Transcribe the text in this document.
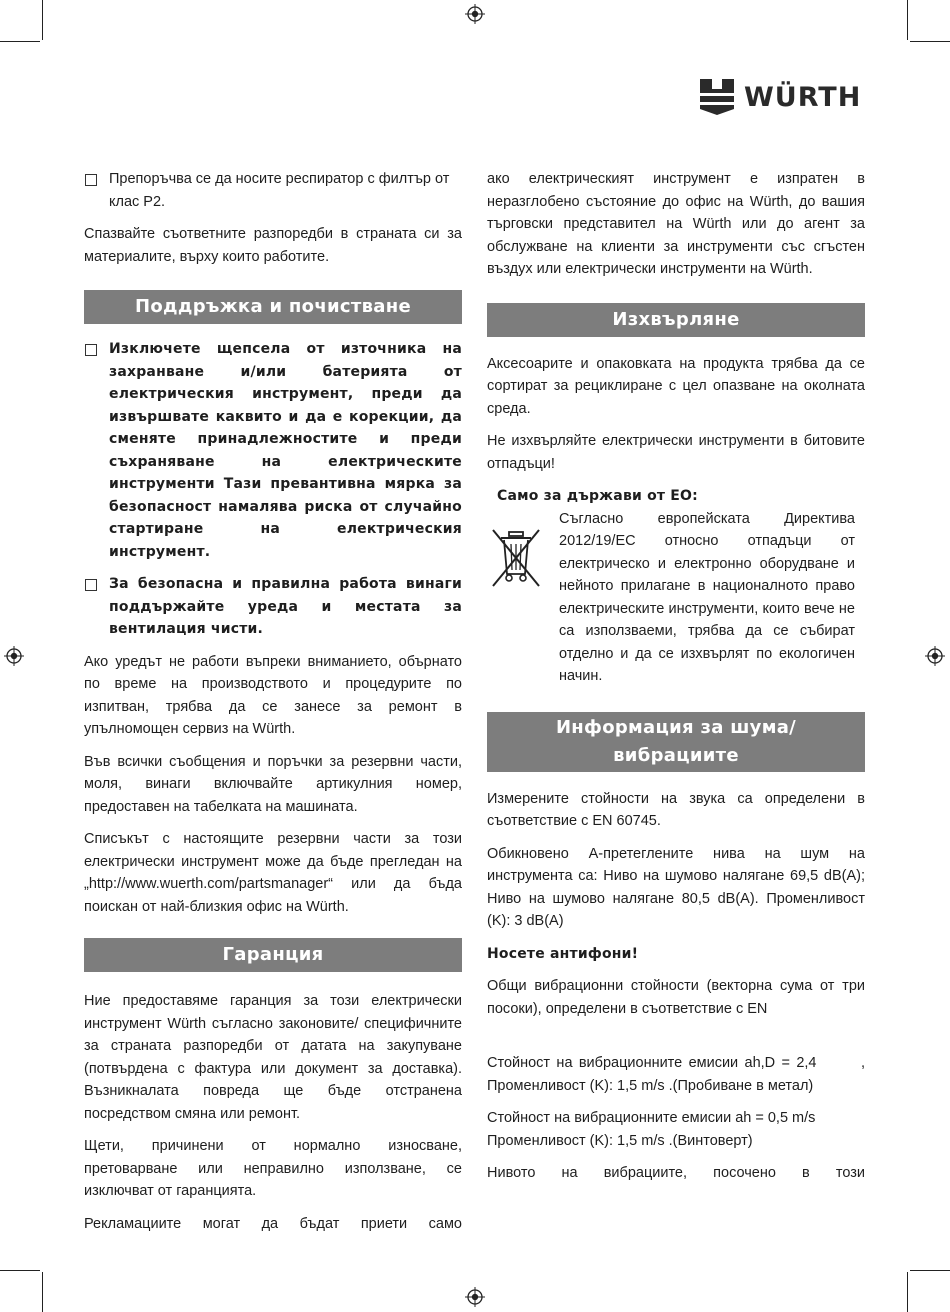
WÜRTH

Препоръчва се да носите респиратор с филтър от клас P2.

Спазвайте съответните разпоредби в страната си за материалите, върху които работите.

Поддръжка и почистване

Изключете щепсела от източника на захранване и/или батерията от електрическия инструмент, преди да извършвате каквито и да е корекции, да сменяте принадлежностите и преди съхраняване на електрическите инструменти Тази превантивна мярка за безопасност намалява риска от случайно стартиране на електрическия инструмент.

За безопасна и правилна работа винаги поддържайте уреда и местата за вентилация чисти.

Ако уредът не работи въпреки вниманието, обърнато по време на производството и процедурите по изпитван, трябва да се занесе за ремонт в упълномощен сервиз на Würth.

Във всички съобщения и поръчки за резервни части, моля, винаги включвайте артикулния номер, предоставен на табелката на машината.

Списъкът с настоящите резервни части за този електрически инструмент може да бъде прегледан на „http://www.wuerth.com/partsmanager“ или да бъда поискан от най-близкия офис на Würth.

Гаранция

Ние предоставяме гаранция за този електрически инструмент Würth съгласно законовите/ специфичните за страната разпоредби от датата на закупуване (потвърдена с фактура или документ за доставка). Възникналата повреда ще бъде отстранена посредством смяна или ремонт.

Щети, причинени от нормално износване, претоварване или неправилно използване, се изключват от гаранцията.

Рекламациите могат да бъдат приети само

ако електрическият инструмент е изпратен в неразглобено състояние до офис на Würth, до вашия търговски представител на Würth или до агент за обслужване на клиенти за инструменти със сгъстен въздух или електрически инструменти на Würth.

Изхвърляне

Аксесоарите и опаковката на продукта трябва да се сортират за рециклиране с цел опазване на околната среда.

Не изхвърляйте електрически инструменти в битовите отпадъци!

Само за държави от ЕО:

Съгласно европейската Директива 2012/19/EC относно отпадъци от електрическо и електронно оборудване и нейното прилагане в националното право електрическите инструменти, които вече не са използваеми, трябва да се събират отделно и да се изхвърлят по екологичен начин.

Информация за шума/
вибрациите

Измерените стойности на звука са определени в съответствие с EN 60745.

Обикновено А-претеглените нива на шум на инструмента са: Ниво на шумово налягане 69,5 dB(A); Ниво на шумово налягане 80,5 dB(A). Променливост (K): 3 dB(A)

Носете антифони!

Общи вибрационни стойности (векторна сума от три посоки), определени в съответствие с EN

Стойност на вибрационните емисии ah,D = 2,4       , Променливост (K): 1,5 m/s .(Пробиване в метал)

Стойност на вибрационните емисии ah = 0,5 m/s
Променливост (K): 1,5 m/s .(Винтоверт)

Нивото на вибрациите, посочено в този
